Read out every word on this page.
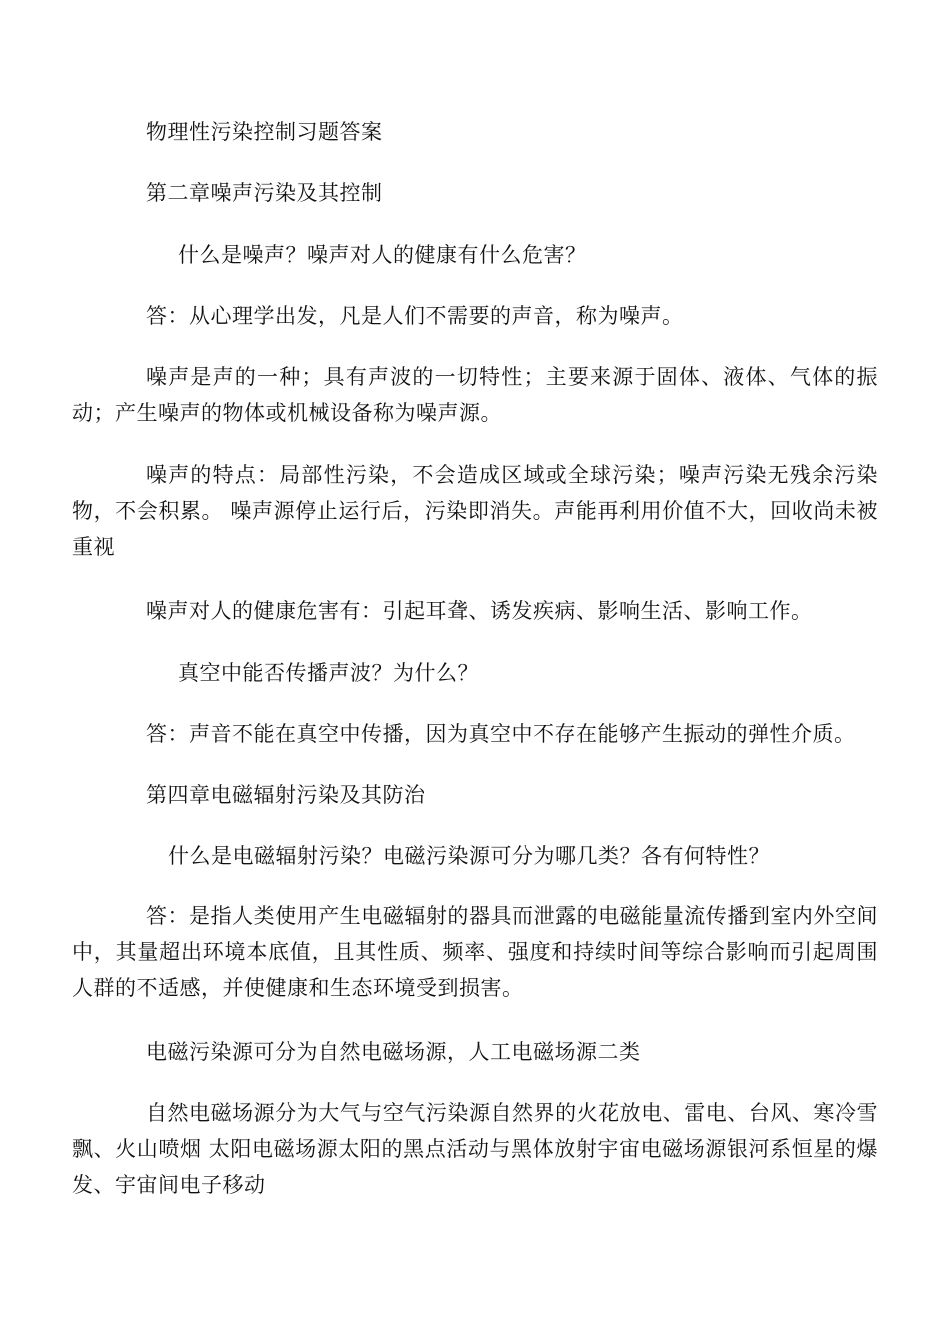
物理性污染控制习题答案
第二章噪声污染及其控制
什么是噪声？噪声对人的健康有什么危害？
答：从心理学出发，凡是人们不需要的声音，称为噪声。
噪声是声的一种；具有声波的一切特性；主要来源于固体、液体、气体的振动；产生噪声的物体或机械设备称为噪声源。
噪声的特点：局部性污染，不会造成区域或全球污染；噪声污染无残余污染物，不会积累。 噪声源停止运行后，污染即消失。声能再利用价值不大，回收尚未被重视
噪声对人的健康危害有：引起耳聋、诱发疾病、影响生活、影响工作。
真空中能否传播声波？为什么？
答：声音不能在真空中传播，因为真空中不存在能够产生振动的弹性介质。
第四章电磁辐射污染及其防治
什么是电磁辐射污染？电磁污染源可分为哪几类？各有何特性？
答：是指人类使用产生电磁辐射的器具而泄露的电磁能量流传播到室内外空间中，其量超出环境本底值，且其性质、频率、强度和持续时间等综合影响而引起周围人群的不适感，并使健康和生态环境受到损害。
电磁污染源可分为自然电磁场源，人工电磁场源二类
自然电磁场源分为大气与空气污染源自然界的火花放电、雷电、台风、寒冷雪飘、火山喷烟 太阳电磁场源太阳的黑点活动与黑体放射宇宙电磁场源银河系恒星的爆发、宇宙间电子移动
